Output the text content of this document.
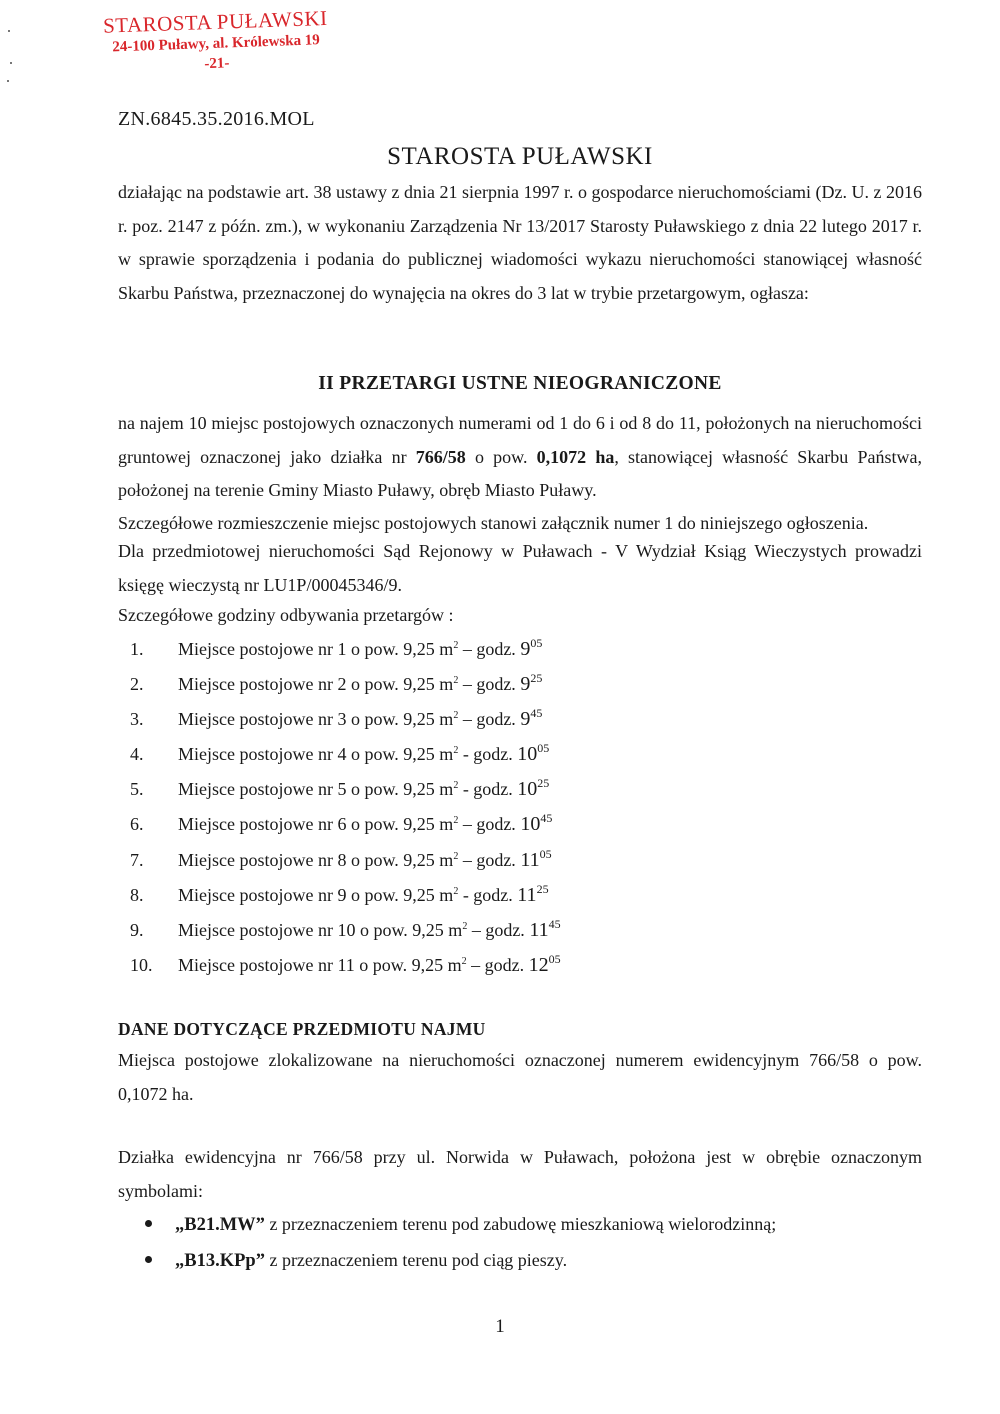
STAROSTA PUŁAWSKI
24-100 Puławy, al. Królewska 19
-21-
ZN.6845.35.2016.MOL
STAROSTA PUŁAWSKI

działając na podstawie art. 38 ustawy z dnia 21 sierpnia 1997 r. o gospodarce nieruchomościami (Dz. U. z 2016 r. poz. 2147 z późn. zm.), w wykonaniu Zarządzenia Nr 13/2017 Starosty Puławskiego z dnia 22 lutego 2017 r. w sprawie sporządzenia i podania do publicznej wiadomości wykazu nieruchomości stanowiącej własność Skarbu Państwa, przeznaczonej do wynajęcia na okres do 3 lat w trybie przetargowym, ogłasza:

II PRZETARGI USTNE NIEOGRANICZONE

na najem 10 miejsc postojowych oznaczonych numerami od 1 do 6 i od 8 do 11, położonych na nieruchomości gruntowej oznaczonej jako działka nr 766/58 o pow. 0,1072 ha, stanowiącej własność Skarbu Państwa, położonej na terenie Gminy Miasto Puławy, obręb Miasto Puławy.

Szczegółowe rozmieszczenie miejsc postojowych stanowi załącznik numer 1 do niniejszego ogłoszenia.

Dla przedmiotowej nieruchomości Sąd Rejonowy w Puławach - V Wydział Ksiąg Wieczystych prowadzi księgę wieczystą nr LU1P/00045346/9.

Szczegółowe godziny odbywania przetargów :

1.	Miejsce postojowe nr 1 o pow. 9,25 $m^2$ – godz. $9^{05}$
2.	Miejsce postojowe nr 2 o pow. 9,25 $m^2$ – godz. $9^{25}$
3.	Miejsce postojowe nr 3 o pow. 9,25 $m^2$ – godz. $9^{45}$
4.	Miejsce postojowe nr 4 o pow. 9,25 $m^2$ - godz. $10^{05}$
5.	Miejsce postojowe nr 5 o pow. 9,25 $m^2$ - godz. $10^{25}$
6.	Miejsce postojowe nr 6 o pow. 9,25 $m^2$ – godz. $10^{45}$
7.	Miejsce postojowe nr 8 o pow. 9,25 $m^2$ – godz. $11^{05}$
8.	Miejsce postojowe nr 9 o pow. 9,25 $m^2$ - godz. $11^{25}$
9.	Miejsce postojowe nr 10 o pow. 9,25 $m^2$ – godz. $11^{45}$
10.	Miejsce postojowe nr 11 o pow. 9,25 $m^2$ – godz. $12^{05}$
DANE DOTYCZĄCE PRZEDMIOTU NAJMU

Miejsca postojowe zlokalizowane na nieruchomości oznaczonej numerem ewidencyjnym 766/58 o pow. 0,1072 ha.

Działka ewidencyjna nr 766/58 przy ul. Norwida w Puławach, położona jest w obrębie oznaczonym symbolami:

„B21.MW” z przeznaczeniem terenu pod zabudowę mieszkaniową wielorodzinną;
„B13.KPp” z przeznaczeniem terenu pod ciąg pieszy.
1
